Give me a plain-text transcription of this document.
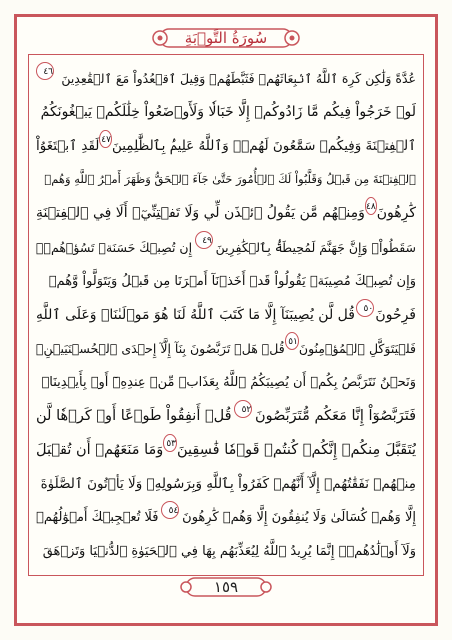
سُورَةُ التَّوۡبَةِ
عُدَّةً وَلَٰكِن كَرِهَ ٱللَّهُ ٱنۢبِعَاثَهُمۡ فَثَبَّطَهُمۡ وَقِيلَ ٱقۡعُدُواْ مَعَ ٱلۡقَٰعِدِينَ
٤٦
لَوۡ خَرَجُواْ فِيكُم مَّا زَادُوكُمۡ إِلَّا خَبَالٗا وَلَأَوۡضَعُواْ خِلَٰلَكُمۡ يَبۡغُونَكُمُ
ٱلۡفِتۡنَةَ وَفِيكُمۡ سَمَّٰعُونَ لَهُمۡۗ وَٱللَّهُ عَلِيمُۢ بِٱلظَّٰلِمِينَ
٤٧
لَقَدِ ٱبۡتَغَوُاْ
ٱلۡفِتۡنَةَ مِن قَبۡلُ وَقَلَّبُواْ لَكَ ٱلۡأُمُورَ حَتَّىٰ جَآءَ ٱلۡحَقُّ وَظَهَرَ أَمۡرُ ٱللَّهِ وَهُمۡ
كَٰرِهُونَ
٤٨
وَمِنۡهُم مَّن يَقُولُ ٱئۡذَن لِّي وَلَا تَفۡتِنِّيٓۚ أَلَا فِي ٱلۡفِتۡنَةِ
سَقَطُواْۗ وَإِنَّ جَهَنَّمَ لَمُحِيطَةُۢ بِٱلۡكَٰفِرِينَ
٤٩
إِن تُصِبۡكَ حَسَنَةٞ تَسُؤۡهُمۡۖ
وَإِن تُصِبۡكَ مُصِيبَةٞ يَقُولُواْ قَدۡ أَخَذۡنَآ أَمۡرَنَا مِن قَبۡلُ وَيَتَوَلَّواْ وَّهُمۡ
فَرِحُونَ
٥٠
قُل لَّن يُصِيبَنَآ إِلَّا مَا كَتَبَ ٱللَّهُ لَنَا هُوَ مَوۡلَىٰنَاۚ وَعَلَى ٱللَّهِ
فَلۡيَتَوَكَّلِ ٱلۡمُؤۡمِنُونَ
٥١
قُلۡ هَلۡ تَرَبَّصُونَ بِنَآ إِلَّآ إِحۡدَى ٱلۡحُسۡنَيَيۡنِۖ
وَنَحۡنُ نَتَرَبَّصُ بِكُمۡ أَن يُصِيبَكُمُ ٱللَّهُ بِعَذَابٖ مِّنۡ عِندِهِۦٓ أَوۡ بِأَيۡدِينَاۖ
فَتَرَبَّصُوٓاْ إِنَّا مَعَكُم مُّتَرَبِّصُونَ
٥٢
قُلۡ أَنفِقُواْ طَوۡعًا أَوۡ كَرۡهٗا لَّن
يُتَقَبَّلَ مِنكُمۡ إِنَّكُمۡ كُنتُمۡ قَوۡمٗا فَٰسِقِينَ
٥٣
وَمَا مَنَعَهُمۡ أَن تُقۡبَلَ
مِنۡهُمۡ نَفَقَٰتُهُمۡ إِلَّآ أَنَّهُمۡ كَفَرُواْ بِٱللَّهِ وَبِرَسُولِهِۦ وَلَا يَأۡتُونَ ٱلصَّلَوٰةَ
إِلَّا وَهُمۡ كُسَالَىٰ وَلَا يُنفِقُونَ إِلَّا وَهُمۡ كَٰرِهُونَ
٥٤
فَلَا تُعۡجِبۡكَ أَمۡوَٰلُهُمۡ
وَلَآ أَوۡلَٰدُهُمۡۚ إِنَّمَا يُرِيدُ ٱللَّهُ لِيُعَذِّبَهُم بِهَا فِي ٱلۡحَيَوٰةِ ٱلدُّنۡيَا وَتَزۡهَقَ
١٥٩
